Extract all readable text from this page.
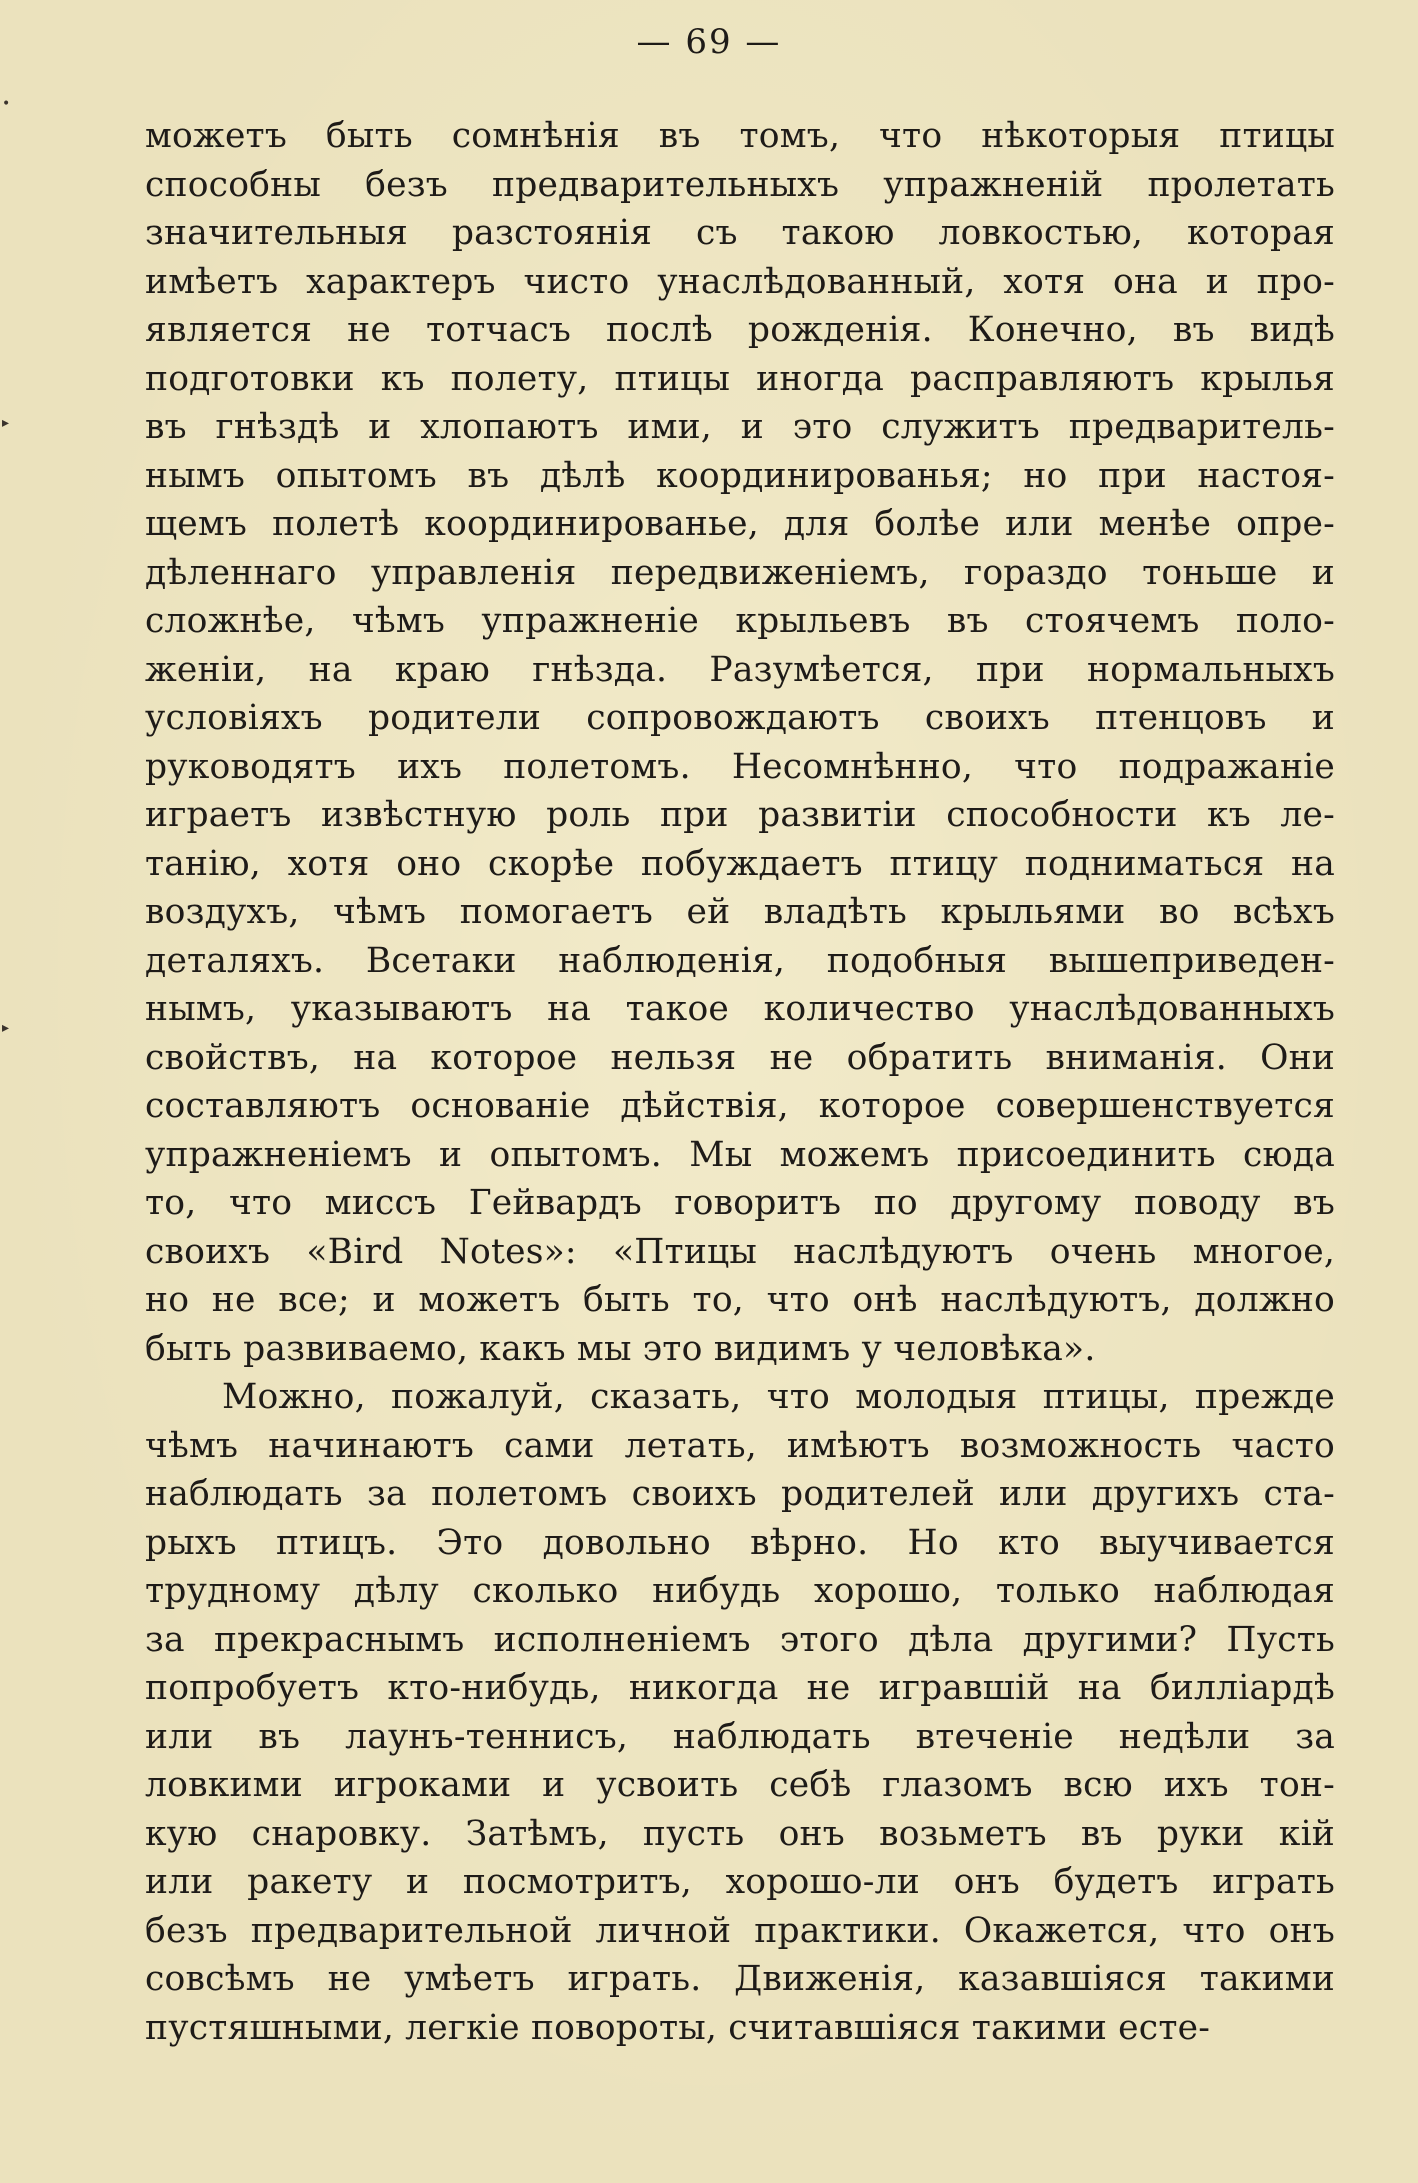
— 69 —
•
▸
▸
можетъ быть сомнѣнія въ томъ, что нѣкоторыя птицы
способны безъ предварительныхъ упражненій пролетать
значительныя разстоянія съ такою ловкостью, которая
имѣетъ характеръ чисто унаслѣдованный, хотя она и про-
является не тотчасъ послѣ рожденія. Конечно, въ видѣ
подготовки къ полету, птицы иногда расправляютъ крылья
въ гнѣздѣ и хлопаютъ ими, и это служитъ предваритель-
нымъ опытомъ въ дѣлѣ координированья; но при настоя-
щемъ полетѣ координированье, для болѣе или менѣе опре-
дѣленнаго управленія передвиженіемъ, гораздо тоньше и
сложнѣе, чѣмъ упражненіе крыльевъ въ стоячемъ поло-
женіи, на краю гнѣзда. Разумѣется, при нормальныхъ
условіяхъ родители сопровождаютъ своихъ птенцовъ и
руководятъ ихъ полетомъ. Несомнѣнно, что подражаніе
играетъ извѣстную роль при развитіи способности къ ле-
танію, хотя оно скорѣе побуждаетъ птицу подниматься на
воздухъ, чѣмъ помогаетъ ей владѣть крыльями во всѣхъ
деталяхъ. Всетаки наблюденія, подобныя вышеприведен-
нымъ, указываютъ на такое количество унаслѣдованныхъ
свойствъ, на которое нельзя не обратить вниманія. Они
составляютъ основаніе дѣйствія, которое совершенствуется
упражненіемъ и опытомъ. Мы можемъ присоединить сюда
то, что миссъ Гейвардъ говоритъ по другому поводу въ
своихъ «Bird Notes»: «Птицы наслѣдуютъ очень многое,
но не все; и можетъ быть то, что онѣ наслѣдуютъ, должно
быть развиваемо, какъ мы это видимъ у человѣка».
Можно, пожалуй, сказать, что молодыя птицы, прежде
чѣмъ начинаютъ сами летать, имѣютъ возможность часто
наблюдать за полетомъ своихъ родителей или другихъ ста-
рыхъ птицъ. Это довольно вѣрно. Но кто выучивается
трудному дѣлу сколько нибудь хорошо, только наблюдая
за прекраснымъ исполненіемъ этого дѣла другими? Пусть
попробуетъ кто-нибудь, никогда не игравшій на билліардѣ
или въ лаунъ-теннисъ, наблюдать втеченіе недѣли за
ловкими игроками и усвоить себѣ глазомъ всю ихъ тон-
кую снаровку. Затѣмъ, пусть онъ возьметъ въ руки кій
или ракету и посмотритъ, хорошо-ли онъ будетъ играть
безъ предварительной личной практики. Окажется, что онъ
совсѣмъ не умѣетъ играть. Движенія, казавшіяся такими
пустяшными, легкіе повороты, считавшіяся такими есте-
